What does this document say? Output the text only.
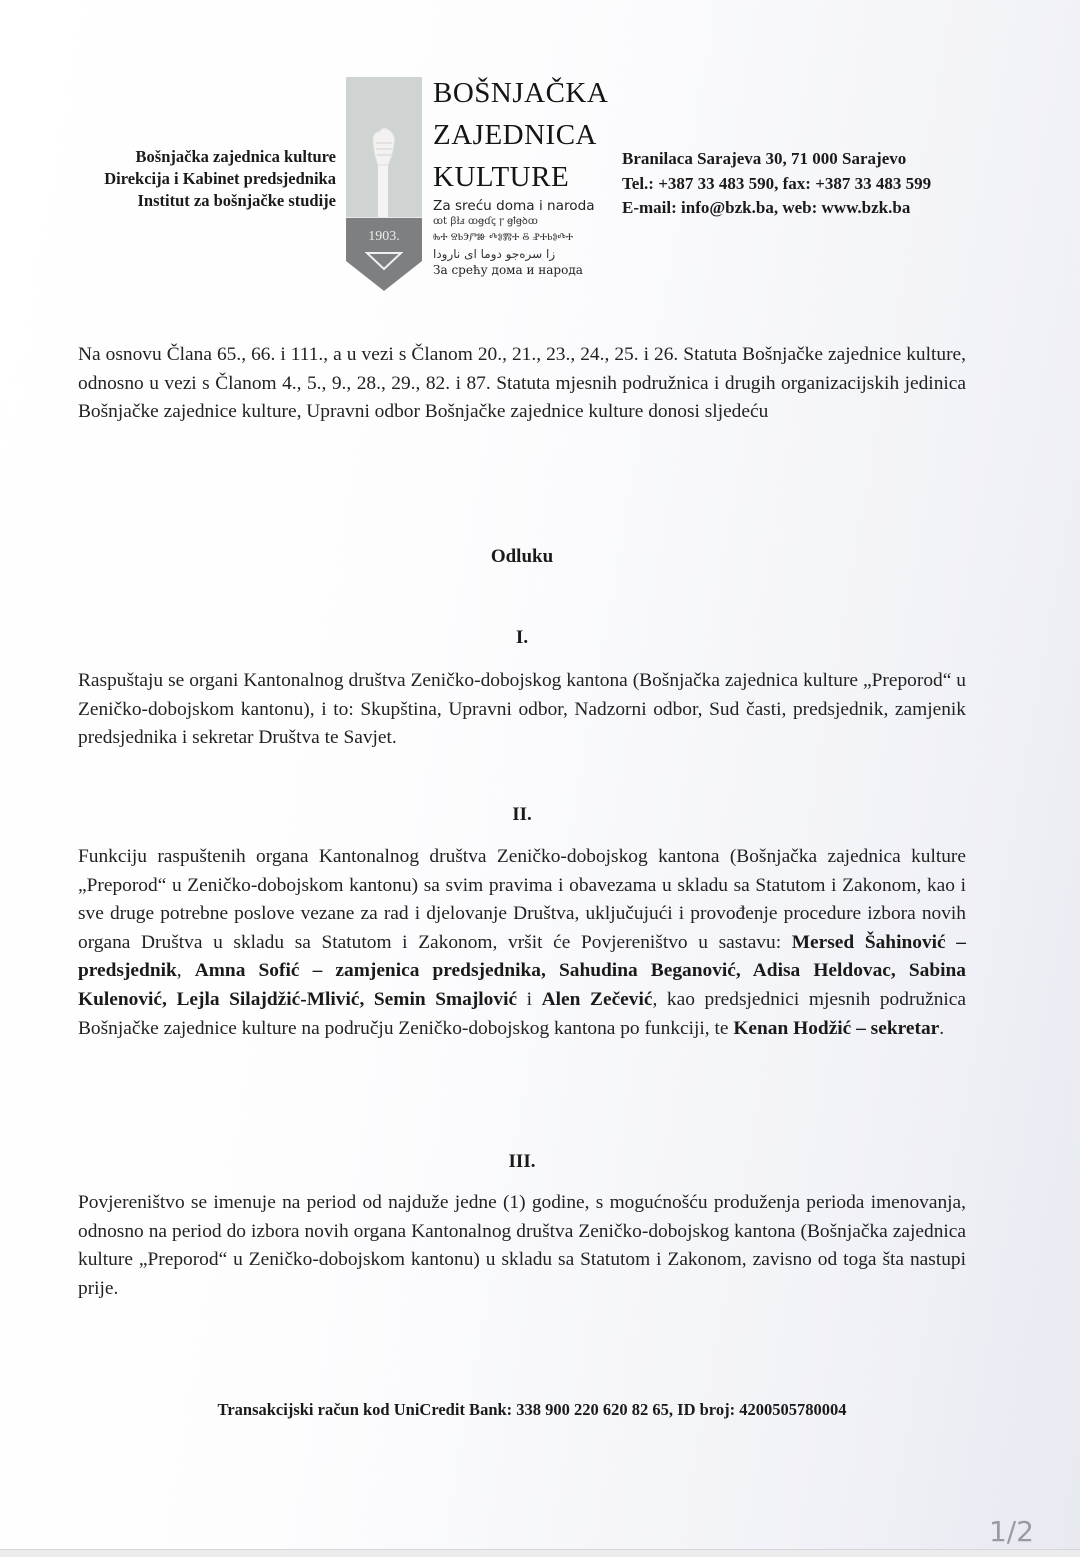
Bošnjačka zajednica kulture
Direkcija i Kabinet predsjednika
Institut za bošnjačke studije
1903.
BOŠNJAČKA
ZAJEDNICA
KULTURE
Za sreću doma i naroda
ꝏt ꞵłⅎ ꝏꞡɗꞔ ꞅ ꞡꝉꞡꝺꝏ
ⰈⰀ ⰔⰓⰅⰣⰖ ⰄⰑⰏⰀ Ⰻ ⰐⰀⰓⰑⰄⰀ
زا سرەجو دوما ای نارودا
За срећу дома и народа
Branilaca Sarajeva 30, 71 000 Sarajevo
Tel.: +387 33 483 590, fax: +387 33 483 599
E-mail: info@bzk.ba, web: www.bzk.ba
Na osnovu Člana 65., 66. i 111., a u vezi s Članom 20., 21., 23., 24., 25. i 26. Statuta Bošnjačke zajednice kulture, odnosno u vezi s Članom 4., 5., 9., 28., 29., 82. i 87. Statuta mjesnih podružnica i drugih organizacijskih jedinica Bošnjačke zajednice kulture, Upravni odbor Bošnjačke zajednice kulture donosi sljedeću
Odluku
I.
Raspuštaju se organi Kantonalnog društva Zeničko-dobojskog kantona (Bošnjačka zajednica kulture „Preporod“ u Zeničko-dobojskom kantonu), i to: Skupština, Upravni odbor, Nadzorni odbor, Sud časti, predsjednik, zamjenik predsjednika i sekretar Društva te Savjet.
II.
Funkciju raspuštenih organa Kantonalnog društva Zeničko-dobojskog kantona (Bošnjačka zajednica kulture „Preporod“ u Zeničko-dobojskom kantonu) sa svim pravima i obavezama u skladu sa Statutom i Zakonom, kao i sve druge potrebne poslove vezane za rad i djelovanje Društva, uključujući i provođenje procedure izbora novih organa Društva u skladu sa Statutom i Zakonom, vršit će Povjereništvo u sastavu: Mersed Šahinović – predsjednik, Amna Sofić – zamjenica predsjednika, Sahudina Beganović, Adisa Heldovac, Sabina Kulenović, Lejla Silajdžić-Mlivić, Semin Smajlović i Alen Zečević, kao predsjednici mjesnih podružnica Bošnjačke zajednice kulture na području Zeničko-dobojskog kantona po funkciji, te Kenan Hodžić – sekretar.
III.
Povjereništvo se imenuje na period od najduže jedne (1) godine, s mogućnošću produženja perioda imenovanja, odnosno na period do izbora novih organa Kantonalnog društva Zeničko-dobojskog kantona (Bošnjačka zajednica kulture „Preporod“ u Zeničko-dobojskom kantonu) u skladu sa Statutom i Zakonom, zavisno od toga šta nastupi prije.
Transakcijski račun kod UniCredit Bank: 338 900 220 620 82 65, ID broj: 4200505780004
1/2
